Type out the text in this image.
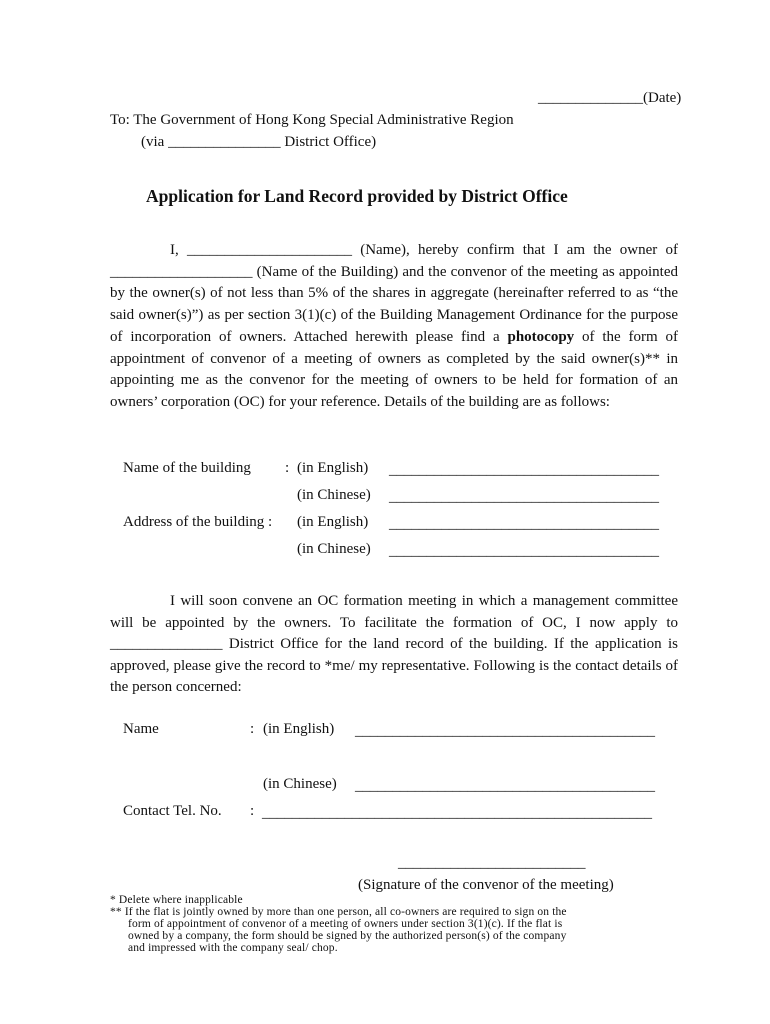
______________(Date)
To: The Government of Hong Kong Special Administrative Region
(via _______________ District Office)
Application for Land Record provided by District Office
I, ______________________ (Name), hereby confirm that I am the owner of ___________________ (Name of the Building) and the convenor of the meeting as appointed by the owner(s) of not less than 5% of the shares in aggregate (hereinafter referred to as “the said owner(s)”) as per section 3(1)(c) of the Building Management Ordinance for the purpose of incorporation of owners. Attached herewith please find a photocopy of the form of appointment of convenor of a meeting of owners as completed by the said owner(s)** in appointing me as the convenor for the meeting of owners to be held for formation of an owners’ corporation (OC) for your reference. Details of the building are as follows:
Name of the building : (in English) ____________________________________
(in Chinese) ____________________________________
Address of the building : (in English) ____________________________________
(in Chinese) ____________________________________
I will soon convene an OC formation meeting in which a management committee will be appointed by the owners. To facilitate the formation of OC, I now apply to _______________ District Office for the land record of the building. If the application is approved, please give the record to *me/ my representative. Following is the contact details of the person concerned:
Name	: (in English) ________________________________________
(in Chinese) ________________________________________
Contact Tel. No. : ____________________________________________________
_________________________
(Signature of the convenor of the meeting)
* Delete where inapplicable
** If the flat is jointly owned by more than one person, all co-owners are required to sign on the
form of appointment of convenor of a meeting of owners under section 3(1)(c). If the flat is
owned by a company, the form should be signed by the authorized person(s) of the company
and impressed with the company seal/ chop.
